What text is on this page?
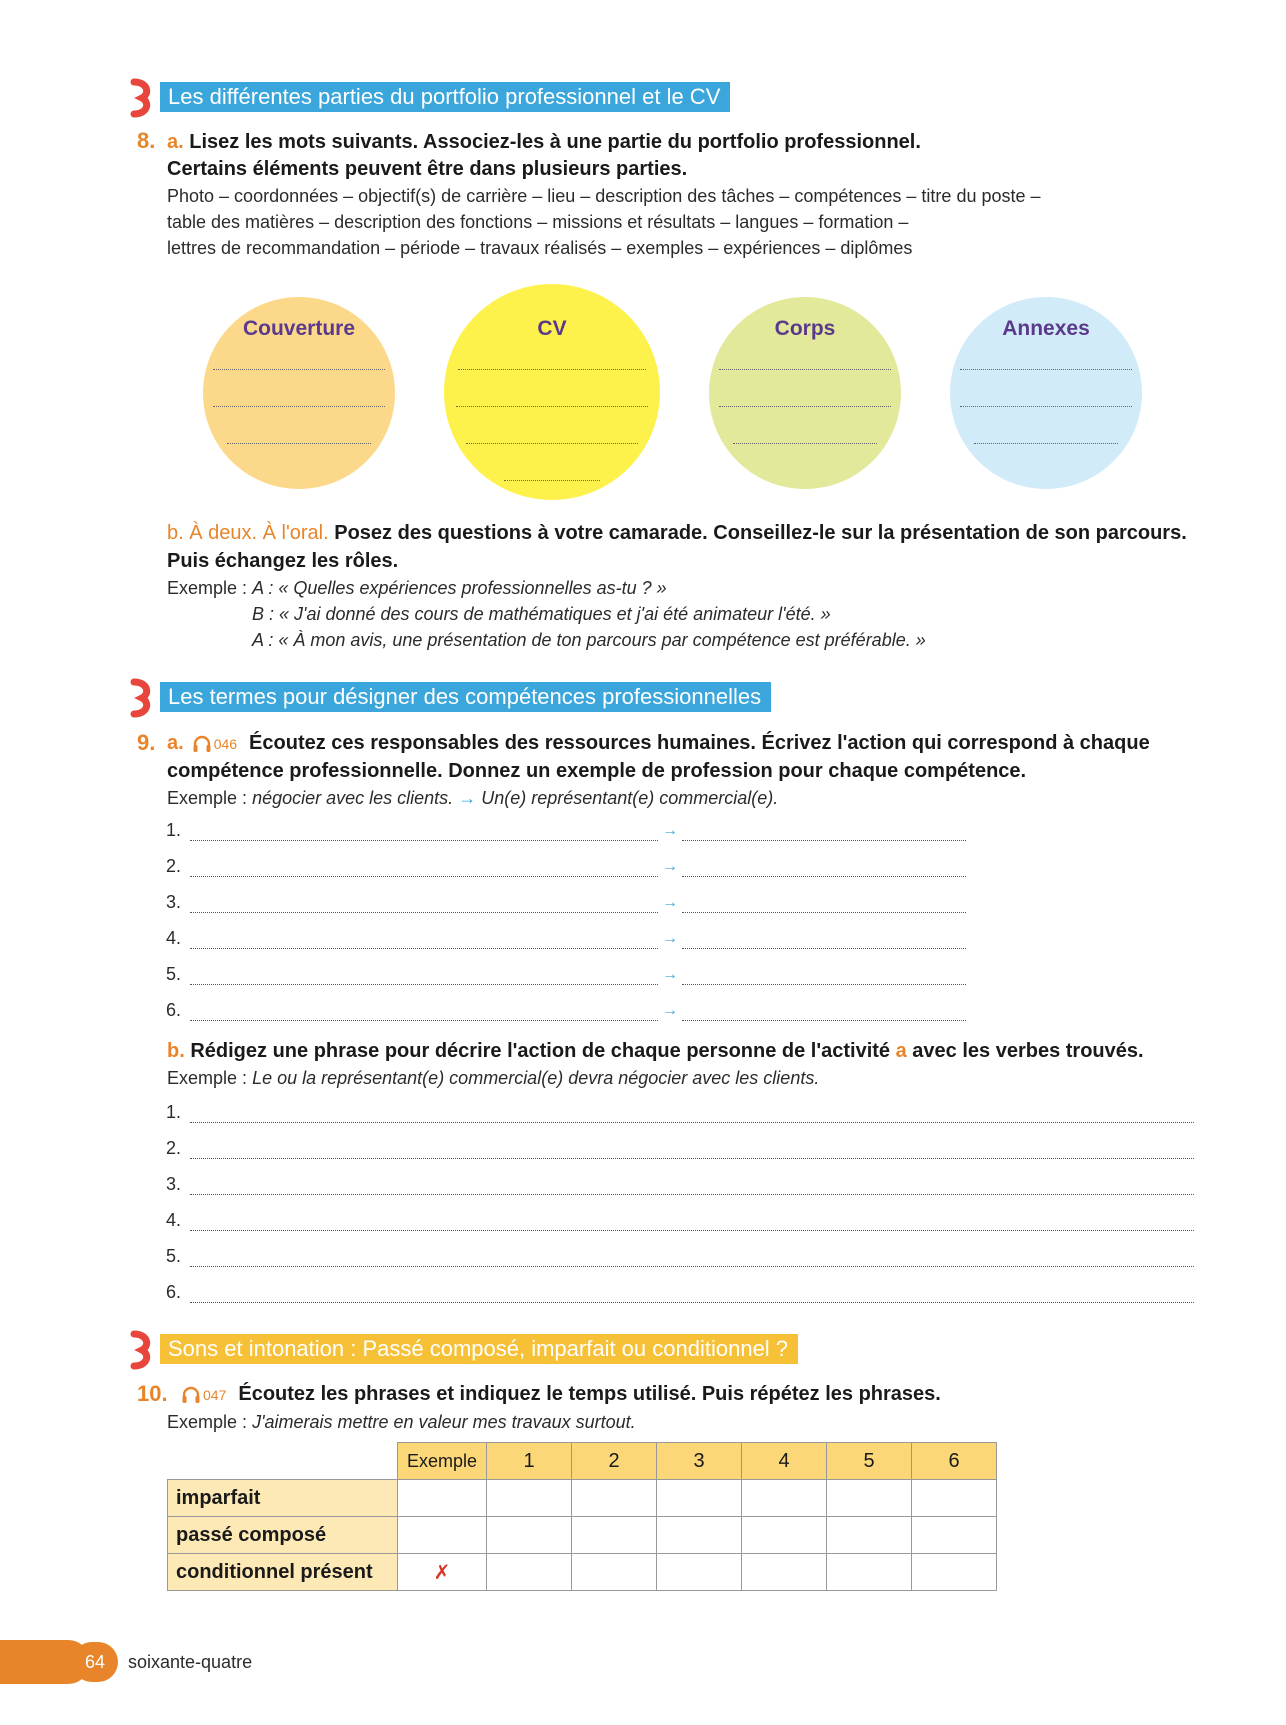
Les différentes parties du portfolio professionnel et le CV
8. a. Lisez les mots suivants. Associez-les à une partie du portfolio professionnel.
Certains éléments peuvent être dans plusieurs parties.
Photo – coordonnées – objectif(s) de carrière – lieu – description des tâches – compétences – titre du poste –
table des matières – description des fonctions – missions et résultats – langues – formation –
lettres de recommandation – période – travaux réalisés – exemples – expériences – diplômes
Couverture	CV	Corps	Annexes
b. À deux. À l'oral. Posez des questions à votre camarade. Conseillez-le sur la présentation de son parcours.
Puis échangez les rôles.
Exemple : A : « Quelles expériences professionnelles as-tu ? »
B : « J'ai donné des cours de mathématiques et j'ai été animateur l'été. »
A : « À mon avis, une présentation de ton parcours par compétence est préférable. »
Les termes pour désigner des compétences professionnelles
9. a. 046 Écoutez ces responsables des ressources humaines. Écrivez l'action qui correspond à chaque
compétence professionnelle. Donnez un exemple de profession pour chaque compétence.
Exemple : négocier avec les clients. → Un(e) représentant(e) commercial(e).
1.	→
2.	→
3.	→
4.	→
5.	→
6.	→
b. Rédigez une phrase pour décrire l'action de chaque personne de l'activité a avec les verbes trouvés.
Exemple : Le ou la représentant(e) commercial(e) devra négocier avec les clients.
1.
2.
3.
4.
5.
6.
Sons et intonation : Passé composé, imparfait ou conditionnel ?
10.	047 Écoutez les phrases et indiquez le temps utilisé. Puis répétez les phrases.
Exemple : J'aimerais mettre en valeur mes travaux surtout.
	Exemple	1	2	3	4	5	6
imparfait							
passé composé							
conditionnel présent	✗						
64	soixante-quatre
